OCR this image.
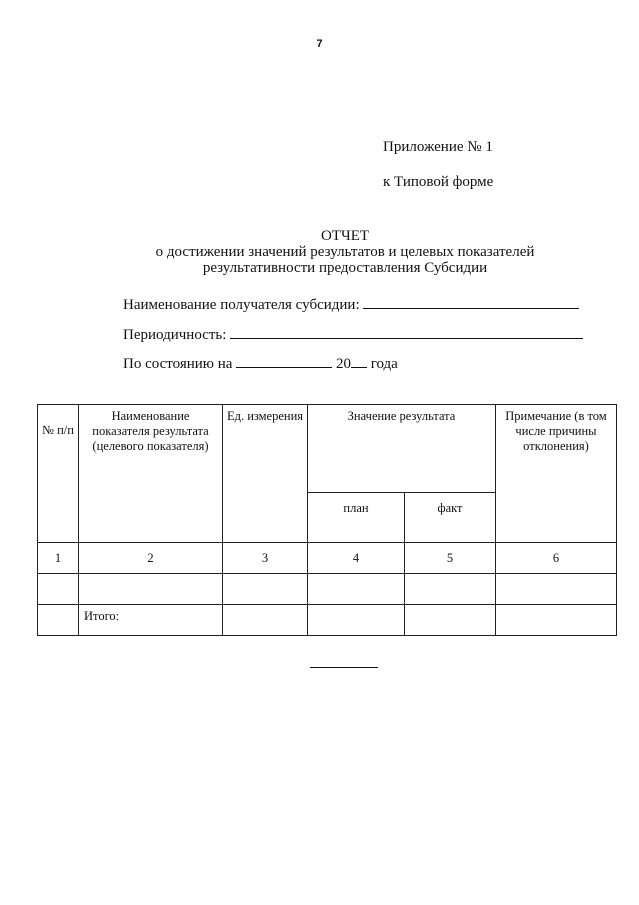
7
Приложение № 1
к Типовой форме
ОТЧЕТ
о достижении значений результатов и целевых показателей
результативности предоставления Субсидии
Наименование получателя субсидии:
Периодичность:
По состоянию на	20 года
№ п/п	Наименование показателя результата (целевого показателя)	Ед. измерения	Значение результата		Примечание (в том числе причины отклонения)
			план	факт	
1	2	3	4	5	6

	Итого:				
